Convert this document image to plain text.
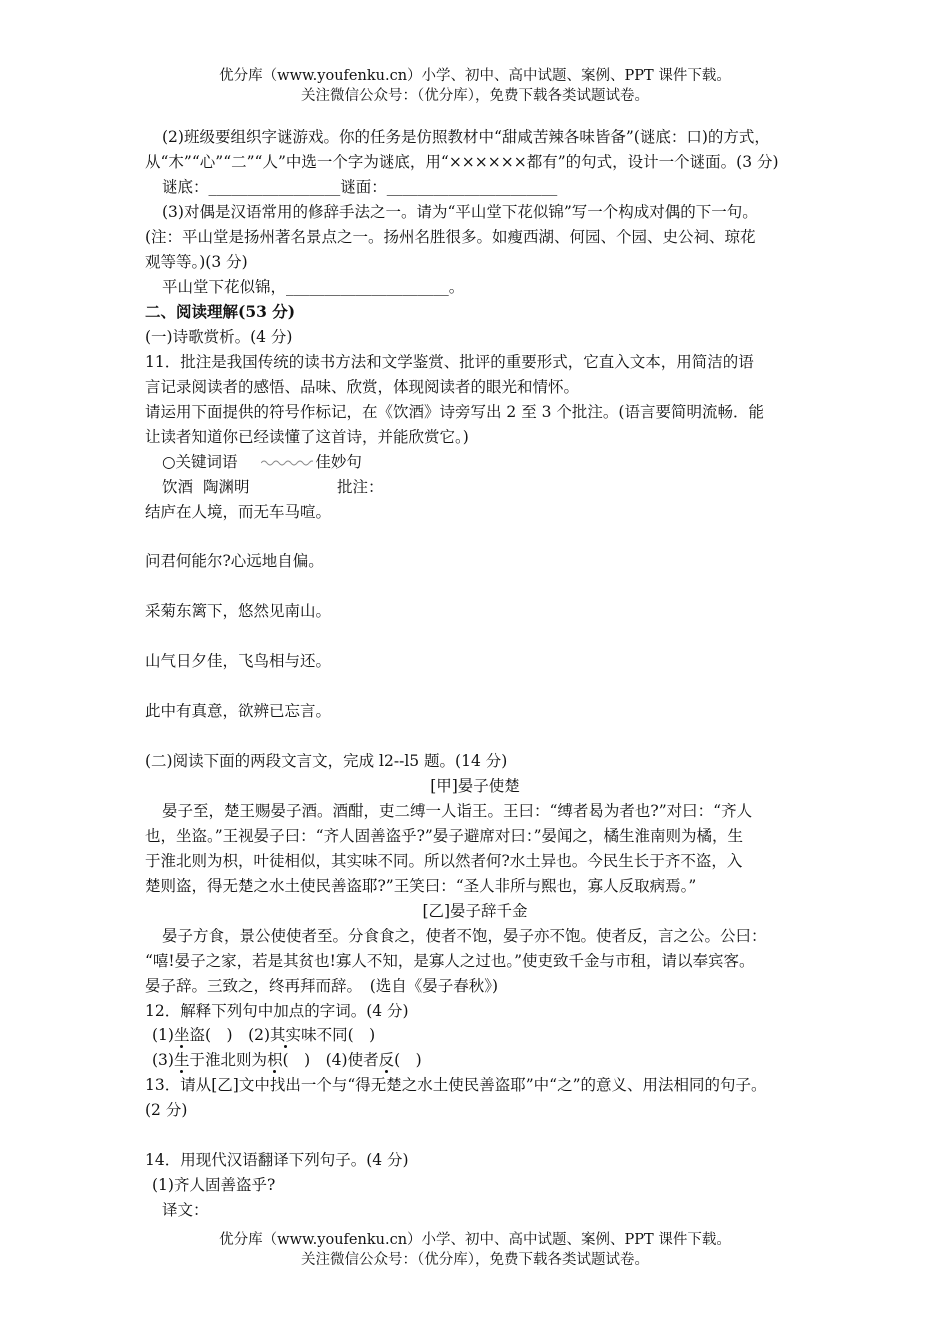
优分库（www.youfenku.cn）小学、初中、高中试题、案例、PPT 课件下载。
关注微信公众号：（优分库），免费下载各类试题试卷。
(2)班级要组织字谜游戏。你的任务是仿照教材中“甜咸苦辣各味皆备”(谜底：口)的方式，
从“木”“心”“二”“人”中选一个字为谜底，用“××××××都有”的句式，设计一个谜面。(3 分)
谜底：_________________谜面：______________________
(3)对偶是汉语常用的修辞手法之一。请为“平山堂下花似锦”写一个构成对偶的下一句。
(注：平山堂是扬州著名景点之一。扬州名胜很多。如瘦西湖、何园、个园、史公祠、琼花
观等等。)(3 分)
平山堂下花似锦，_____________________。
二、阅读理解(53 分)
(一)诗歌赏析。(4 分)
11．批注是我国传统的读书方法和文学鉴赏、批评的重要形式，它直入文本，用简洁的语
言记录阅读者的感悟、品味、欣赏，体现阅读者的眼光和情怀。
请运用下面提供的符号作标记，在《饮酒》诗旁写出 2 至 3 个批注。(语言要简明流畅．能
让读者知道你已经读懂了这首诗，并能欣赏它。)
○关键词语	佳妙句
饮酒 陶渊明	批注：
结庐在人境，而无车马喧。
问君何能尔?心远地自偏。
采菊东篱下，悠然见南山。
山气日夕佳，飞鸟相与还。
此中有真意，欲辨已忘言。
(二)阅读下面的两段文言文，完成 l2--l5 题。(14 分)
[甲]晏子使楚
晏子至，楚王赐晏子酒。酒酣，吏二缚一人诣王。王曰：“缚者曷为者也?”对曰：“齐人
也，坐盗。”王视晏子曰：“齐人固善盗乎?”晏子避席对曰：”晏闻之，橘生淮南则为橘，生
于淮北则为枳，叶徒相似，其实味不同。所以然者何?水土异也。今民生长于齐不盗，入
楚则盗，得无楚之水土使民善盗耶?”王笑曰：“圣人非所与熙也，寡人反取病焉。”
[乙]晏子辞千金
晏子方食，景公使使者至。分食食之，使者不饱，晏子亦不饱。使者反，言之公。公曰：
“嘻!晏子之家，若是其贫也!寡人不知，是寡人之过也。”使吏致千金与市租，请以奉宾客。
晏子辞。三致之，终再拜而辞。　(选自《晏子春秋》)
12．解释下列句中加点的字词。(4 分)
(1)坐盗(　)　(2)其实味不同(　)
(3)生于淮北则为枳(　)　(4)使者反(　)
13．请从[乙]文中找出一个与“得无楚之水土使民善盗耶”中“之”的意义、用法相同的句子。
(2 分)
14．用现代汉语翻译下列句子。(4 分)
(1)齐人固善盗乎?
译文：
优分库（www.youfenku.cn）小学、初中、高中试题、案例、PPT 课件下载。
关注微信公众号：（优分库），免费下载各类试题试卷。
